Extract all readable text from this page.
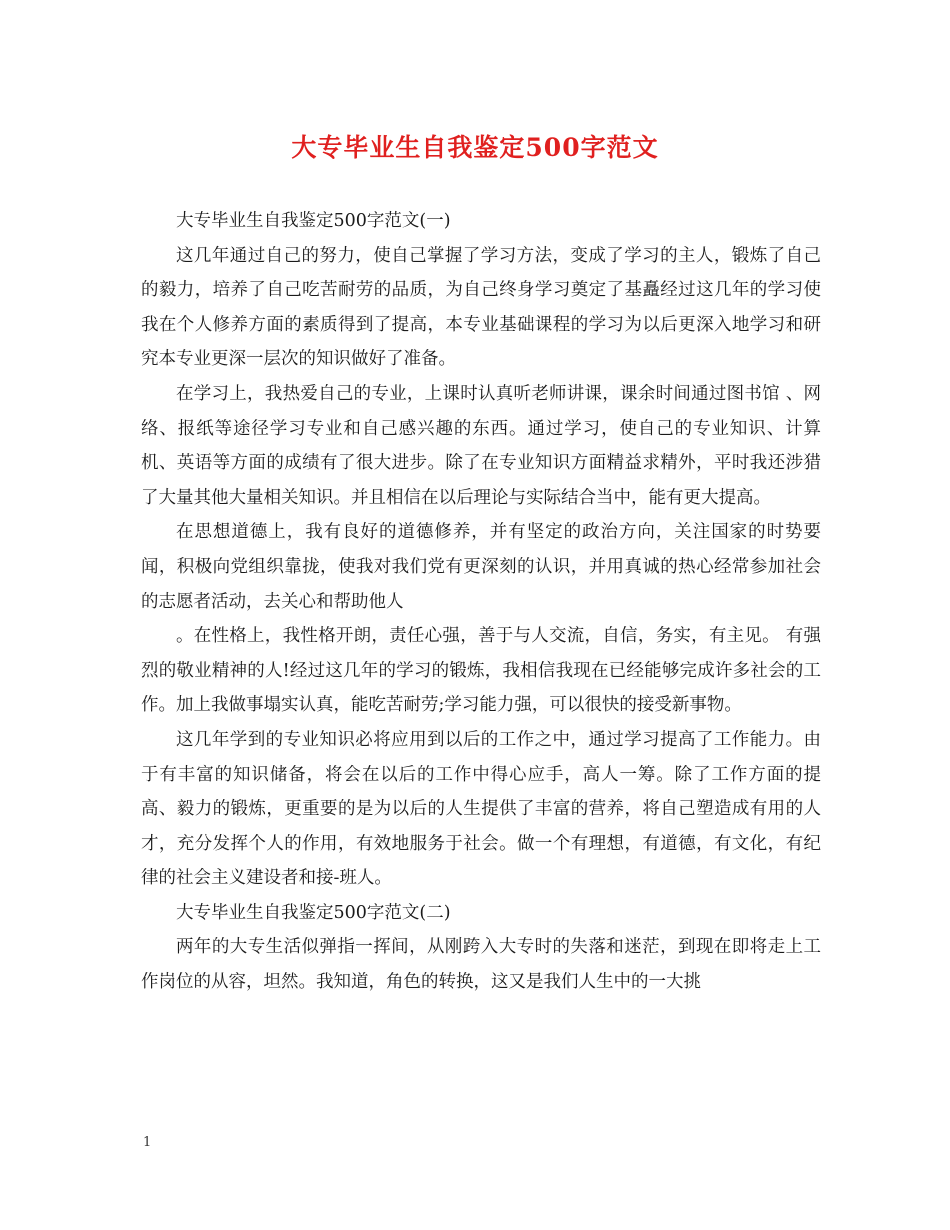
大专毕业生自我鉴定500字范文

大专毕业生自我鉴定500字范文(一)

这几年通过自己的努力，使自己掌握了学习方法，变成了学习的主人，锻炼了自己的毅力，培养了自己吃苦耐劳的品质，为自己终身学习奠定了基矗经过这几年的学习使我在个人修养方面的素质得到了提高，本专业基础课程的学习为以后更深入地学习和研究本专业更深一层次的知识做好了准备。

在学习上，我热爱自己的专业，上课时认真听老师讲课，课余时间通过图书馆 、网络、报纸等途径学习专业和自己感兴趣的东西。通过学习，使自己的专业知识、计算机、英语等方面的成绩有了很大进步。除了在专业知识方面精益求精外，平时我还涉猎了大量其他大量相关知识。并且相信在以后理论与实际结合当中，能有更大提高。

在思想道德上，我有良好的道德修养，并有坚定的政治方向，关注国家的时势要闻，积极向党组织靠拢，使我对我们党有更深刻的认识，并用真诚的热心经常参加社会的志愿者活动，去关心和帮助他人

。在性格上，我性格开朗，责任心强，善于与人交流，自信，务实，有主见。 有强烈的敬业精神的人!经过这几年的学习的锻炼，我相信我现在已经能够完成许多社会的工作。加上我做事塌实认真，能吃苦耐劳;学习能力强，可以很快的接受新事物。

这几年学到的专业知识必将应用到以后的工作之中，通过学习提高了工作能力。由于有丰富的知识储备，将会在以后的工作中得心应手，高人一筹。除了工作方面的提高、毅力的锻炼，更重要的是为以后的人生提供了丰富的营养，将自己塑造成有用的人才，充分发挥个人的作用，有效地服务于社会。做一个有理想，有道德，有文化，有纪律的社会主义建设者和接-班人。

大专毕业生自我鉴定500字范文(二)

两年的大专生活似弹指一挥间，从刚跨入大专时的失落和迷茫，到现在即将走上工作岗位的从容，坦然。我知道，角色的转换，这又是我们人生中的一大挑

1
